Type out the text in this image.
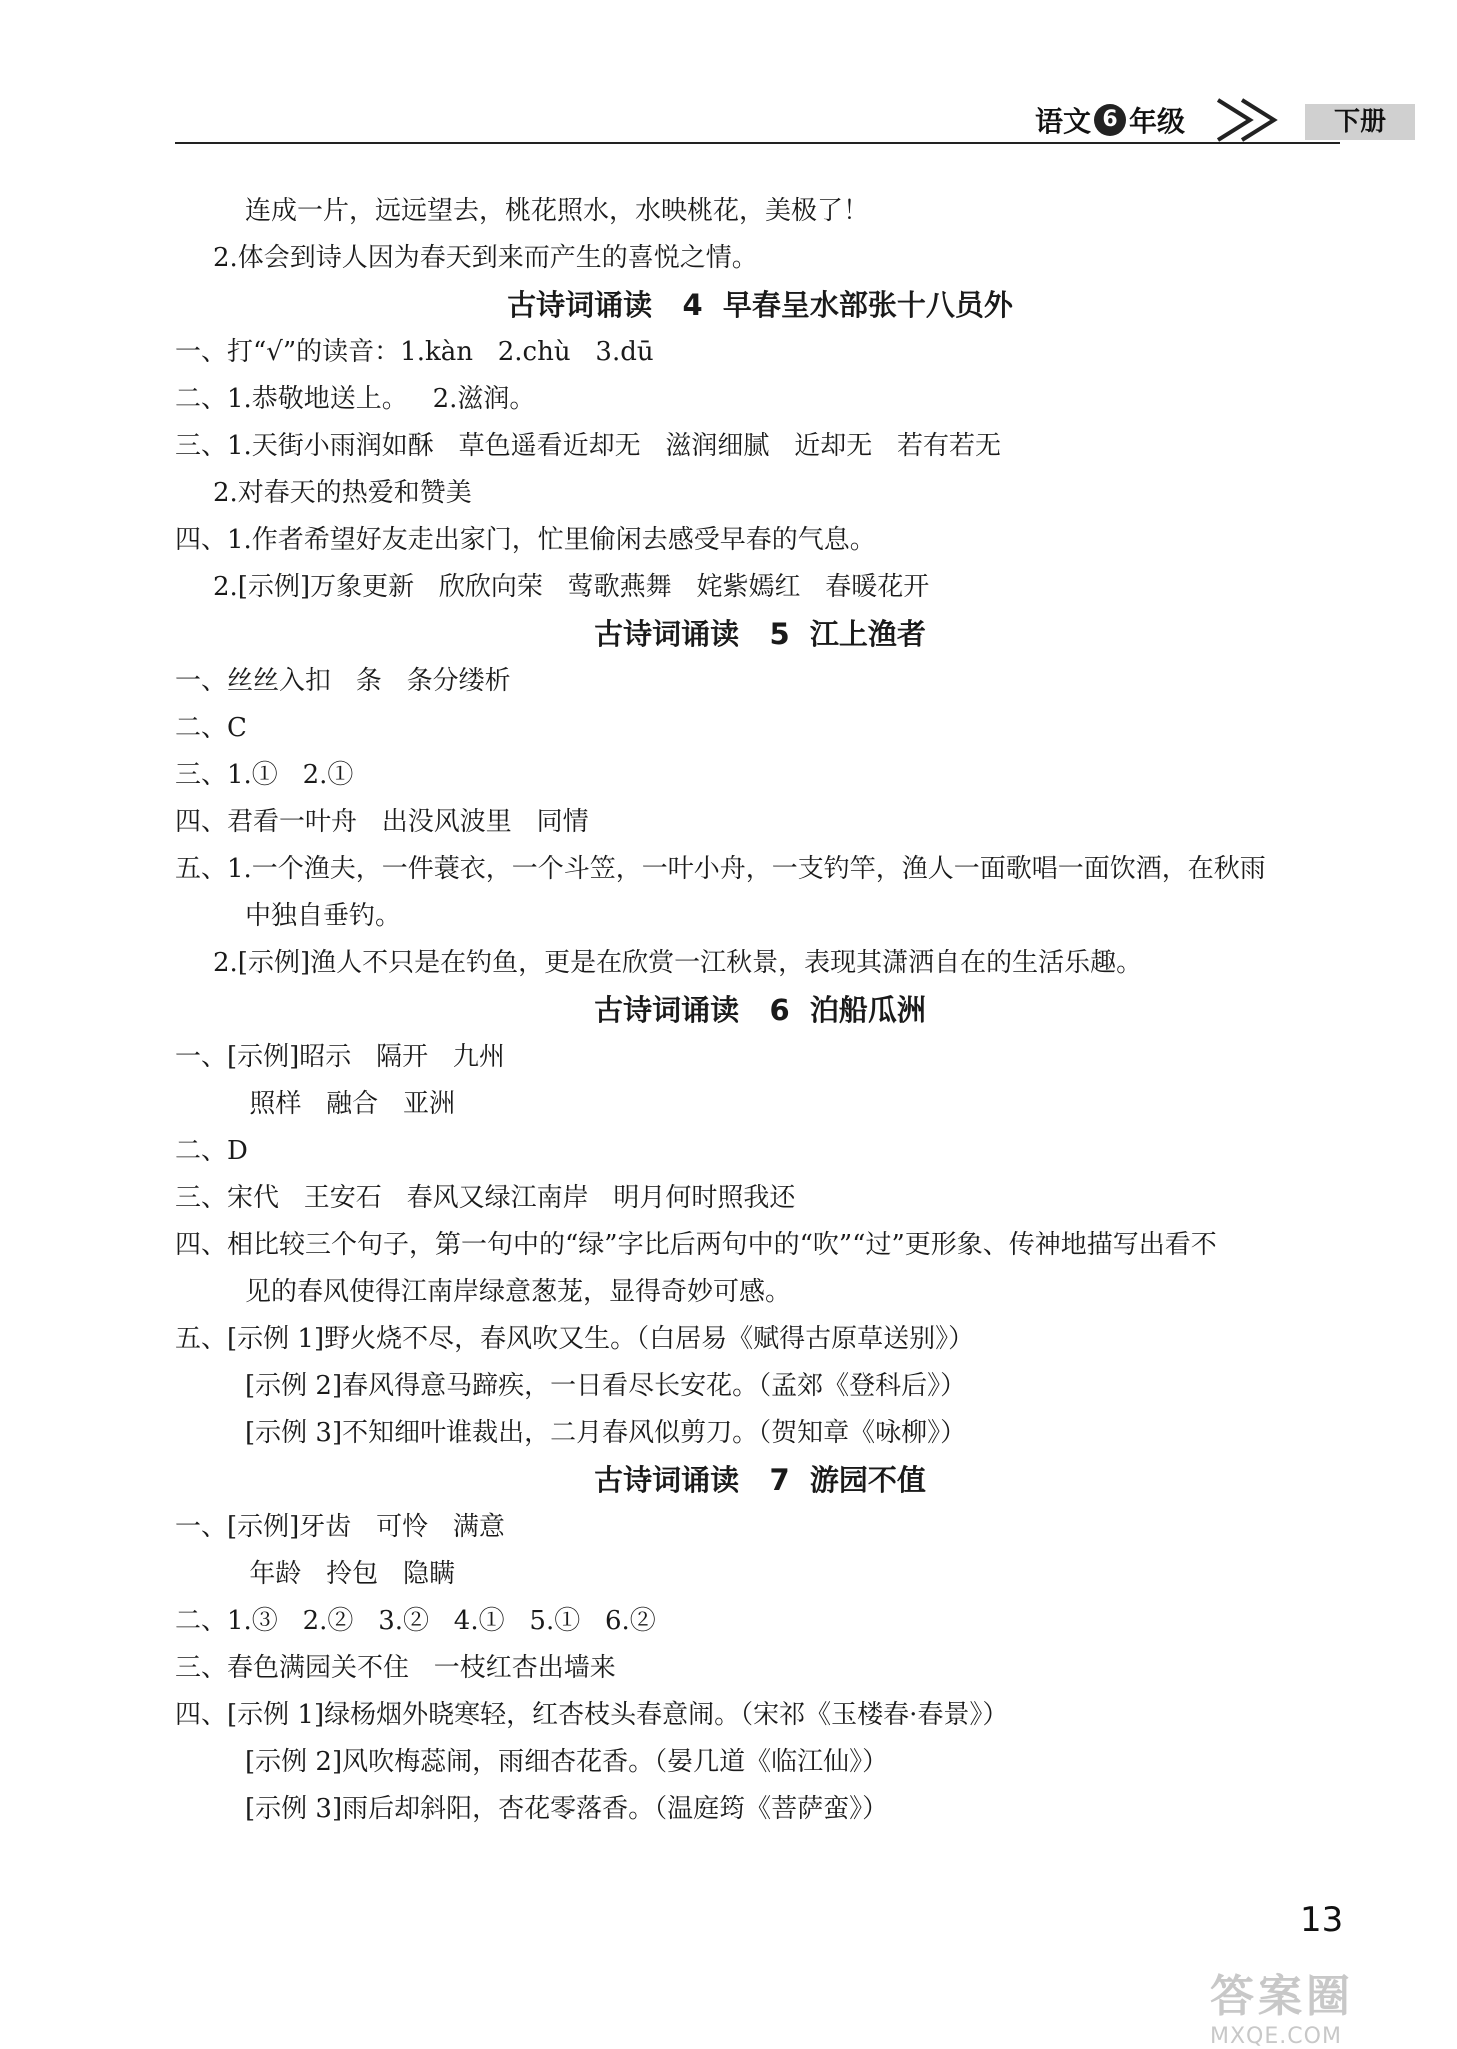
语文 6 年级	下册
连成一片，远远望去，桃花照水，水映桃花，美极了！
2.体会到诗人因为春天到来而产生的喜悦之情。
古诗词诵读   4  早春呈水部张十八员外
一、打“√”的读音：1.kàn   2.chù   3.dū
二、1.恭敬地送上。   2.滋润。
三、1.天街小雨润如酥   草色遥看近却无   滋润细腻   近却无   若有若无
2.对春天的热爱和赞美
四、1.作者希望好友走出家门，忙里偷闲去感受早春的气息。
2.[示例]万象更新   欣欣向荣   莺歌燕舞   姹紫嫣红   春暖花开
古诗词诵读   5  江上渔者
一、丝丝入扣   条   条分缕析
二、C
三、1.①   2.①
四、君看一叶舟   出没风波里   同情
五、1.一个渔夫，一件蓑衣，一个斗笠，一叶小舟，一支钓竿，渔人一面歌唱一面饮酒，在秋雨
中独自垂钓。
2.[示例]渔人不只是在钓鱼，更是在欣赏一江秋景，表现其潇洒自在的生活乐趣。
古诗词诵读   6  泊船瓜洲
一、[示例]昭示   隔开   九州
照样   融合   亚洲
二、D
三、宋代   王安石   春风又绿江南岸   明月何时照我还
四、相比较三个句子，第一句中的“绿”字比后两句中的“吹”“过”更形象、传神地描写出看不
见的春风使得江南岸绿意葱茏，显得奇妙可感。
五、[示例 1]野火烧不尽，春风吹又生。（白居易《赋得古原草送别》）
[示例 2]春风得意马蹄疾，一日看尽长安花。（孟郊《登科后》）
[示例 3]不知细叶谁裁出，二月春风似剪刀。（贺知章《咏柳》）
古诗词诵读   7  游园不值
一、[示例]牙齿   可怜   满意
年龄   拎包   隐瞒
二、1.③   2.②   3.②   4.①   5.①   6.②
三、春色满园关不住   一枝红杏出墙来
四、[示例 1]绿杨烟外晓寒轻，红杏枝头春意闹。（宋祁《玉楼春·春景》）
[示例 2]风吹梅蕊闹，雨细杏花香。（晏几道《临江仙》）
[示例 3]雨后却斜阳，杏花零落香。（温庭筠《菩萨蛮》）
13
答案圈
MXQE.COM
